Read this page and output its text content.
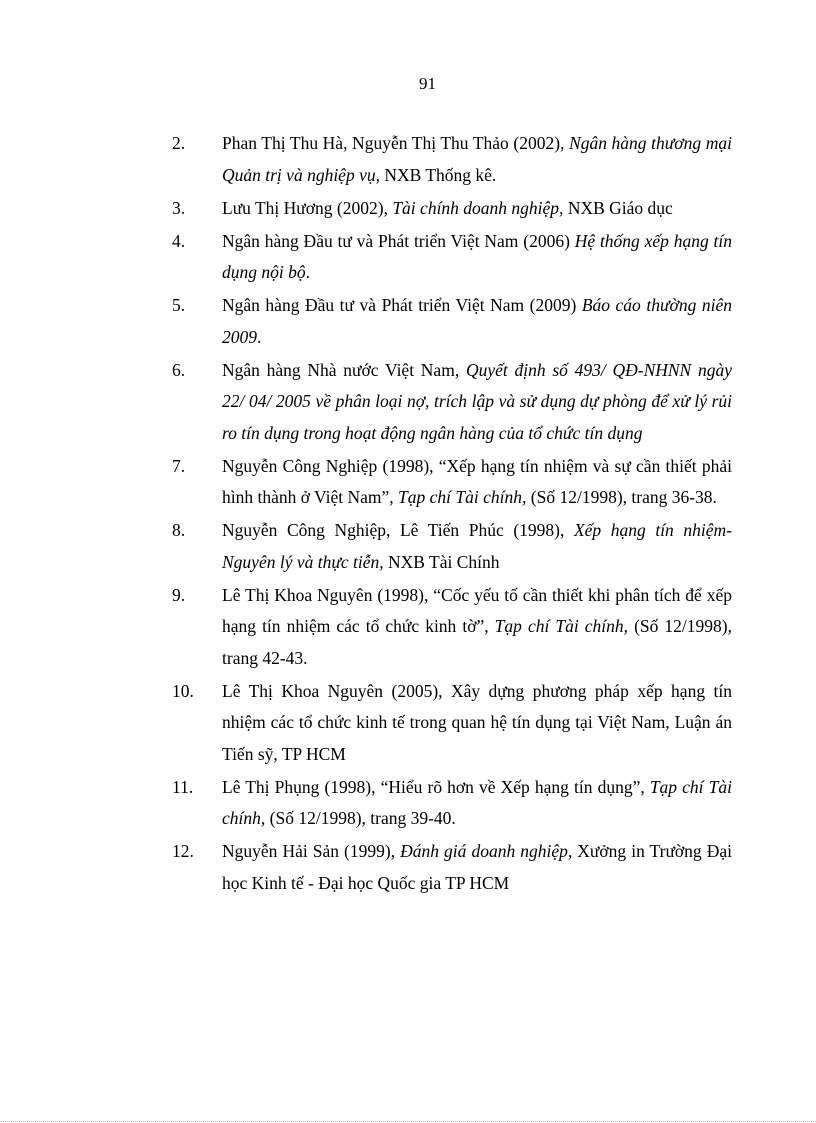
91
2.	Phan Thị Thu Hà, Nguyễn Thị Thu Thảo (2002), Ngân hàng thương mại Quản trị và nghiệp vụ, NXB Thống kê.
3.	Lưu Thị Hương (2002), Tài chính doanh nghiệp, NXB Giáo dục
4.	Ngân hàng Đầu tư và Phát triển Việt Nam (2006) Hệ thống xếp hạng tín dụng nội bộ.
5.	Ngân hàng Đầu tư và Phát triển Việt Nam (2009) Báo cáo thường niên 2009.
6.	Ngân hàng Nhà nước Việt Nam, Quyết định số 493/ QĐ-NHNN ngày 22/ 04/ 2005 về phân loại nợ, trích lập và sử dụng dự phòng để xử lý rủi ro tín dụng trong hoạt động ngân hàng của tổ chức tín dụng
7.	Nguyễn Công Nghiệp (1998), “Xếp hạng tín nhiệm và sự cần thiết phải hình thành ở Việt Nam”, Tạp chí Tài chính, (Số 12/1998), trang 36-38.
8.	Nguyễn Công Nghiệp, Lê Tiến Phúc (1998), Xếp hạng tín nhiệm-Nguyên lý và thực tiễn, NXB Tài Chính
9.	Lê Thị Khoa Nguyên (1998), “Cốc yếu tố cần thiết khi phân tích để xếp hạng tín nhiệm các tổ chức kinh tờ”, Tạp chí Tài chính, (Số 12/1998), trang 42-43.
10.	Lê Thị Khoa Nguyên (2005), Xây dựng phương pháp xếp hạng tín nhiệm các tổ chức kinh tế trong quan hệ tín dụng tại Việt Nam, Luận án Tiến sỹ, TP HCM
11.	Lê Thị Phụng (1998), “Hiểu rõ hơn về Xếp hạng tín dụng”, Tạp chí Tài chính, (Số 12/1998), trang 39-40.
12.	Nguyễn Hải Sản (1999), Đánh giá doanh nghiệp, Xưởng in Trường Đại học Kinh tế - Đại học Quốc gia TP HCM
